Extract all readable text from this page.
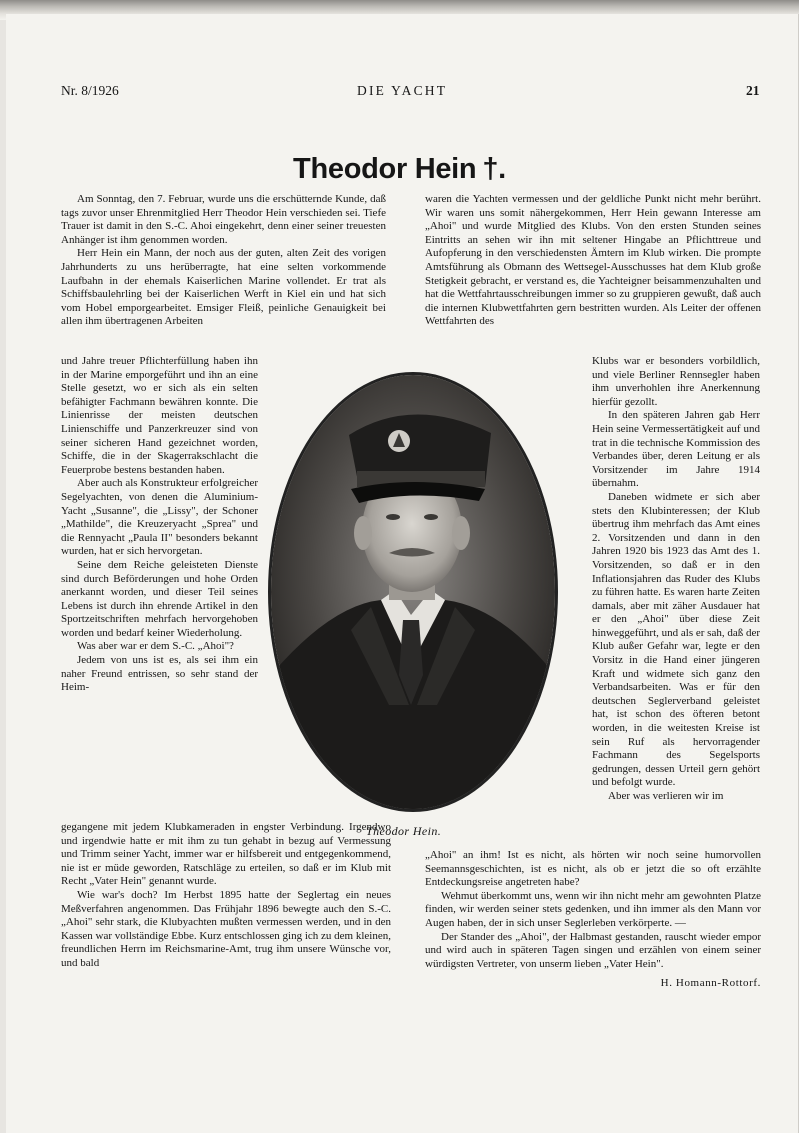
Nr. 8/1926	DIE YACHT	21
Theodor Hein †.

Am Sonntag, den 7. Februar, wurde uns die erschütternde Kunde, daß tags zuvor unser Ehrenmitglied Herr Theodor Hein verschieden sei. Tiefe Trauer ist damit in den S.-C. Ahoi eingekehrt, denn einer seiner treuesten Anhänger ist ihm genommen worden.

Herr Hein ein Mann, der noch aus der guten, alten Zeit des vorigen Jahrhunderts zu uns herüberragte, hat eine selten vorkommende Laufbahn in der ehemals Kaiserlichen Marine vollendet. Er trat als Schiffsbaulehrling bei der Kaiserlichen Werft in Kiel ein und hat sich vom Hobel emporgearbeitet. Emsiger Fleiß, peinliche Genauigkeit bei allen ihm übertragenen Arbeiten

waren die Yachten vermessen und der geldliche Punkt nicht mehr berührt. Wir waren uns somit nähergekommen, Herr Hein gewann Interesse am „Ahoi" und wurde Mitglied des Klubs. Von den ersten Stunden seines Eintritts an sehen wir ihn mit seltener Hingabe an Pflichttreue und Aufopferung in den verschiedensten Ämtern im Klub wirken. Die prompte Amtsführung als Obmann des Wettsegel-Ausschusses hat dem Klub große Stetigkeit gebracht, er verstand es, die Yachteigner beisammenzuhalten und hat die Wettfahrtausschreibungen immer so zu gruppieren gewußt, daß auch die internen Klubwettfahrten gern bestritten wurden. Als Leiter der offenen Wettfahrten des

und Jahre treuer Pflichterfüllung haben ihn in der Marine emporgeführt und ihn an eine Stelle gesetzt, wo er sich als ein selten befähigter Fachmann bewähren konnte. Die Linienrisse der meisten deutschen Linienschiffe und Panzerkreuzer sind von seiner sicheren Hand gezeichnet worden, Schiffe, die in der Skagerrakschlacht die Feuerprobe bestens bestanden haben.

Aber auch als Konstrukteur erfolgreicher Segelyachten, von denen die Aluminium-Yacht „Susanne", die „Lissy", der Schoner „Mathilde", die Kreuzeryacht „Sprea" und die Rennyacht „Paula II" besonders bekannt wurden, hat er sich hervorgetan.

Seine dem Reiche geleisteten Dienste sind durch Beförderungen und hohe Orden anerkannt worden, und dieser Teil seines Lebens ist durch ihn ehrende Artikel in den Sportzeitschriften mehrfach hervorgehoben worden und bedarf keiner Wiederholung.

Was aber war er dem S.-C. „Ahoi"?

Jedem von uns ist es, als sei ihm ein naher Freund entrissen, so sehr stand der Heim-

Theodor Hein.

Klubs war er besonders vorbildlich, und viele Berliner Rennsegler haben ihm unverhohlen ihre Anerkennung hierfür gezollt.

In den späteren Jahren gab Herr Hein seine Vermessertätigkeit auf und trat in die technische Kommission des Verbandes über, deren Leitung er als Vorsitzender im Jahre 1914 übernahm.

Daneben widmete er sich aber stets den Klubinteressen; der Klub übertrug ihm mehrfach das Amt eines 2. Vorsitzenden und dann in den Jahren 1920 bis 1923 das Amt des 1. Vorsitzenden, so daß er in den Inflationsjahren das Ruder des Klubs zu führen hatte. Es waren harte Zeiten damals, aber mit zäher Ausdauer hat er den „Ahoi" über diese Zeit hinweggeführt, und als er sah, daß der Klub außer Gefahr war, legte er den Vorsitz in die Hand einer jüngeren Kraft und widmete sich ganz den Verbandsarbeiten. Was er für den deutschen Seglerverband geleistet hat, ist schon des öfteren betont worden, in die weitesten Kreise ist sein Ruf als hervorragender Fachmann des Segelsports gedrungen, dessen Urteil gern gehört und befolgt wurde.

Aber was verlieren wir im

gegangene mit jedem Klubkameraden in engster Verbindung. Irgendwo und irgendwie hatte er mit ihm zu tun gehabt in bezug auf Vermessung und Trimm seiner Yacht, immer war er hilfsbereit und entgegenkommend, nie ist er müde geworden, Ratschläge zu erteilen, so daß er im Klub mit Recht „Vater Hein" genannt wurde.

Wie war's doch? Im Herbst 1895 hatte der Seglertag ein neues Meßverfahren angenommen. Das Frühjahr 1896 bewegte auch den S.-C. „Ahoi" sehr stark, die Klubyachten mußten vermessen werden, und in den Kassen war vollständige Ebbe. Kurz entschlossen ging ich zu dem kleinen, freundlichen Herrn im Reichsmarine-Amt, trug ihm unsere Wünsche vor, und bald

„Ahoi" an ihm! Ist es nicht, als hörten wir noch seine humorvollen Seemannsgeschichten, ist es nicht, als ob er jetzt die so oft erzählte Entdeckungsreise angetreten habe?

Wehmut überkommt uns, wenn wir ihn nicht mehr am gewohnten Platze finden, wir werden seiner stets gedenken, und ihn immer als den Mann vor Augen haben, der in sich unser Seglerleben verkörperte. —

Der Stander des „Ahoi", der Halbmast gestanden, rauscht wieder empor und wird auch in späteren Tagen singen und erzählen von einem seiner würdigsten Vertreter, von unserm lieben „Vater Hein".

H. Homann-Rottorf.
